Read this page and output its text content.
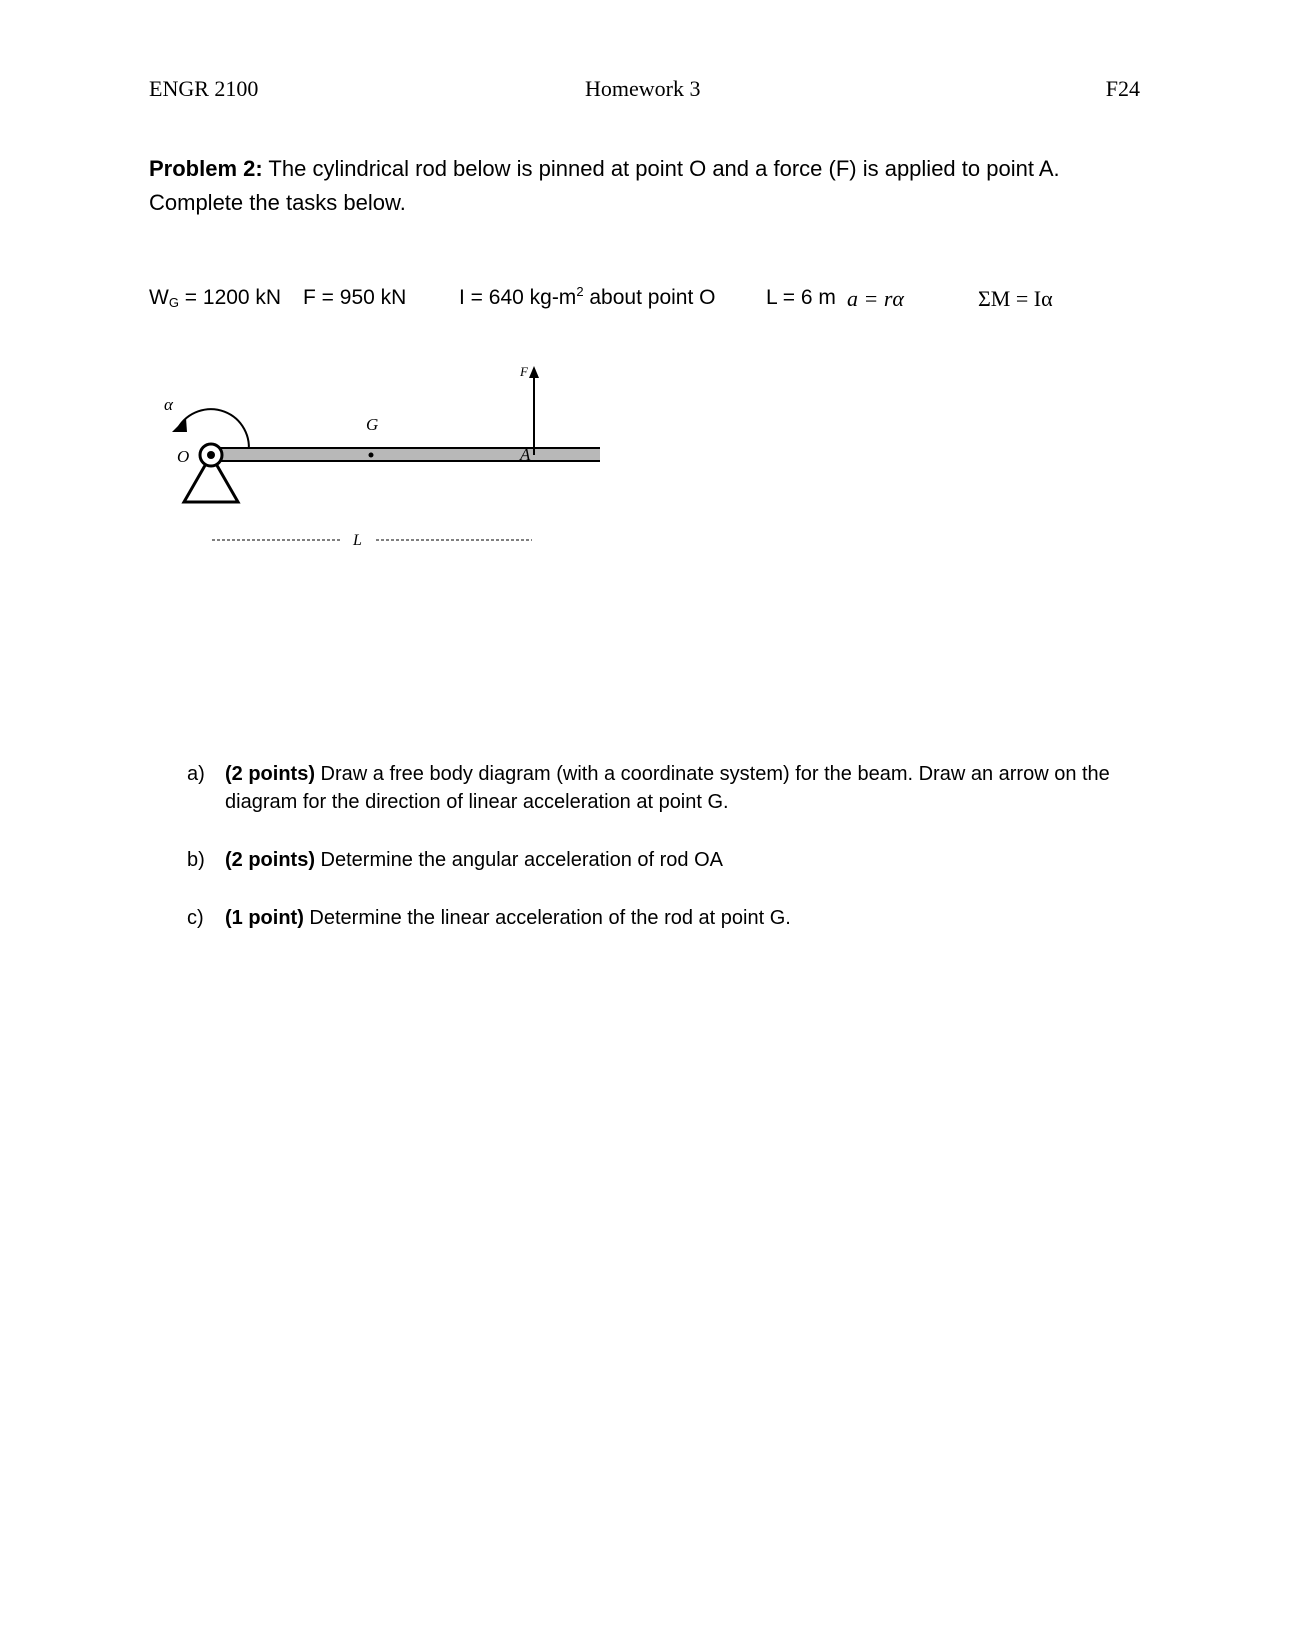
ENGR 2100	Homework 3	F24
Problem 2: The cylindrical rod below is pinned at point O and a force (F) is applied to point A. Complete the tasks below.
$W_G = 1200$ kN F = 950 kN	I = 640 $kg-m^2$ about point O L = 6 m a = rα	ΣM = Iα
α
O
G
A
F
L
a)	(2 points) Draw a free body diagram (with a coordinate system) for the beam. Draw an arrow on the diagram for the direction of linear acceleration at point G.
b)	(2 points) Determine the angular acceleration of rod OA
c)	(1 point) Determine the linear acceleration of the rod at point G.
